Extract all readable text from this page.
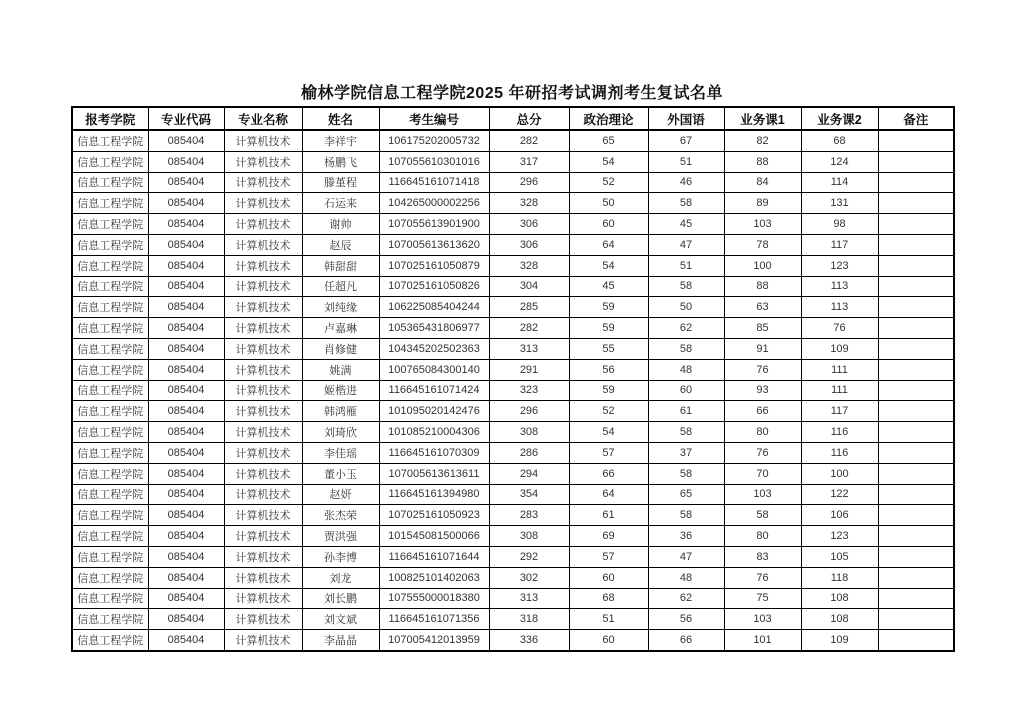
榆林学院信息工程学院2025 年研招考试调剂考生复试名单
报考学院	专业代码	专业名称	姓名	考生编号	总分	政治理论	外国语	业务课1	业务课2	备注
信息工程学院	085404	计算机技术	李祥宇	106175202005732	282	65	67	82	68	
信息工程学院	085404	计算机技术	杨鹏飞	107055610301016	317	54	51	88	124	
信息工程学院	085404	计算机技术	滕堇程	116645161071418	296	52	46	84	114	
信息工程学院	085404	计算机技术	石运来	104265000002256	328	50	58	89	131	
信息工程学院	085404	计算机技术	谢帅	107055613901900	306	60	45	103	98	
信息工程学院	085404	计算机技术	赵辰	107005613613620	306	64	47	78	117	
信息工程学院	085404	计算机技术	韩甜甜	107025161050879	328	54	51	100	123	
信息工程学院	085404	计算机技术	任超凡	107025161050826	304	45	58	88	113	
信息工程学院	085404	计算机技术	刘纯缘	106225085404244	285	59	50	63	113	
信息工程学院	085404	计算机技术	卢嘉琳	105365431806977	282	59	62	85	76	
信息工程学院	085404	计算机技术	肖修健	104345202502363	313	55	58	91	109	
信息工程学院	085404	计算机技术	姚满	100765084300140	291	56	48	76	111	
信息工程学院	085404	计算机技术	姬楷进	116645161071424	323	59	60	93	111	
信息工程学院	085404	计算机技术	韩鸿雁	101095020142476	296	52	61	66	117	
信息工程学院	085404	计算机技术	刘琦欣	101085210004306	308	54	58	80	116	
信息工程学院	085404	计算机技术	李佳瑶	116645161070309	286	57	37	76	116	
信息工程学院	085404	计算机技术	董小玉	107005613613611	294	66	58	70	100	
信息工程学院	085404	计算机技术	赵妍	116645161394980	354	64	65	103	122	
信息工程学院	085404	计算机技术	张杰荣	107025161050923	283	61	58	58	106	
信息工程学院	085404	计算机技术	贾洪强	101545081500066	308	69	36	80	123	
信息工程学院	085404	计算机技术	孙李博	116645161071644	292	57	47	83	105	
信息工程学院	085404	计算机技术	刘龙	100825101402063	302	60	48	76	118	
信息工程学院	085404	计算机技术	刘长鹏	107555000018380	313	68	62	75	108	
信息工程学院	085404	计算机技术	刘文斌	116645161071356	318	51	56	103	108	
信息工程学院	085404	计算机技术	李晶晶	107005412013959	336	60	66	101	109	
